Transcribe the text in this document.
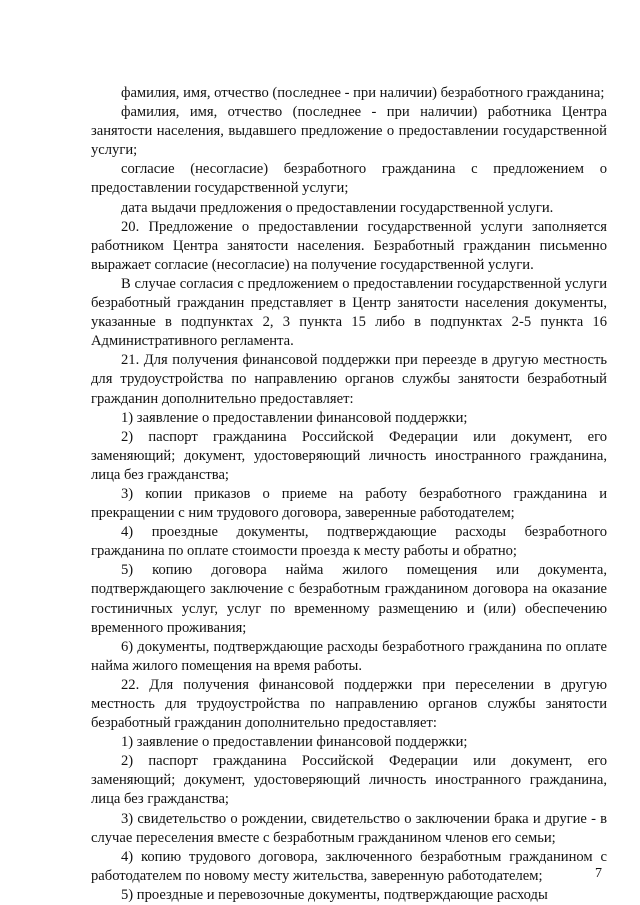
фамилия, имя, отчество (последнее - при наличии) безработного гражданина;

фамилия, имя, отчество (последнее - при наличии) работника Центра занятости населения, выдавшего предложение о предоставлении государственной услуги;

согласие (несогласие) безработного гражданина с предложением о предоставлении государственной услуги;

дата выдачи предложения о предоставлении государственной услуги.

20. Предложение о предоставлении государственной услуги заполняется работником Центра занятости населения. Безработный гражданин письменно выражает согласие (несогласие) на получение государственной услуги.

В случае согласия с предложением о предоставлении государственной услуги безработный гражданин представляет в Центр занятости населения документы, указанные в подпунктах 2, 3 пункта 15 либо в подпунктах 2-5 пункта 16 Административного регламента.

21. Для получения финансовой поддержки при переезде в другую местность для трудоустройства по направлению органов службы занятости безработный гражданин дополнительно предоставляет:

1) заявление о предоставлении финансовой поддержки;

2) паспорт гражданина Российской Федерации или документ, его заменяющий; документ, удостоверяющий личность иностранного гражданина, лица без гражданства;

3) копии приказов о приеме на работу безработного гражданина и прекращении с ним трудового договора, заверенные работодателем;

4) проездные документы, подтверждающие расходы безработного гражданина по оплате стоимости проезда к месту работы и обратно;

5) копию договора найма жилого помещения или документа, подтверждающего заключение с безработным гражданином договора на оказание гостиничных услуг, услуг по временному размещению и (или) обеспечению временного проживания;

6) документы, подтверждающие расходы безработного гражданина по оплате найма жилого помещения на время работы.

22. Для получения финансовой поддержки при переселении в другую местность для трудоустройства по направлению органов службы занятости безработный гражданин дополнительно предоставляет:

1) заявление о предоставлении финансовой поддержки;

2) паспорт гражданина Российской Федерации или документ, его заменяющий; документ, удостоверяющий личность иностранного гражданина, лица без гражданства;

3) свидетельство о рождении, свидетельство о заключении брака и другие - в случае переселения вместе с безработным гражданином членов его семьи;

4) копию трудового договора, заключенного безработным гражданином с работодателем по новому месту жительства, заверенную работодателем;

5) проездные и перевозочные документы, подтверждающие расходы

7
